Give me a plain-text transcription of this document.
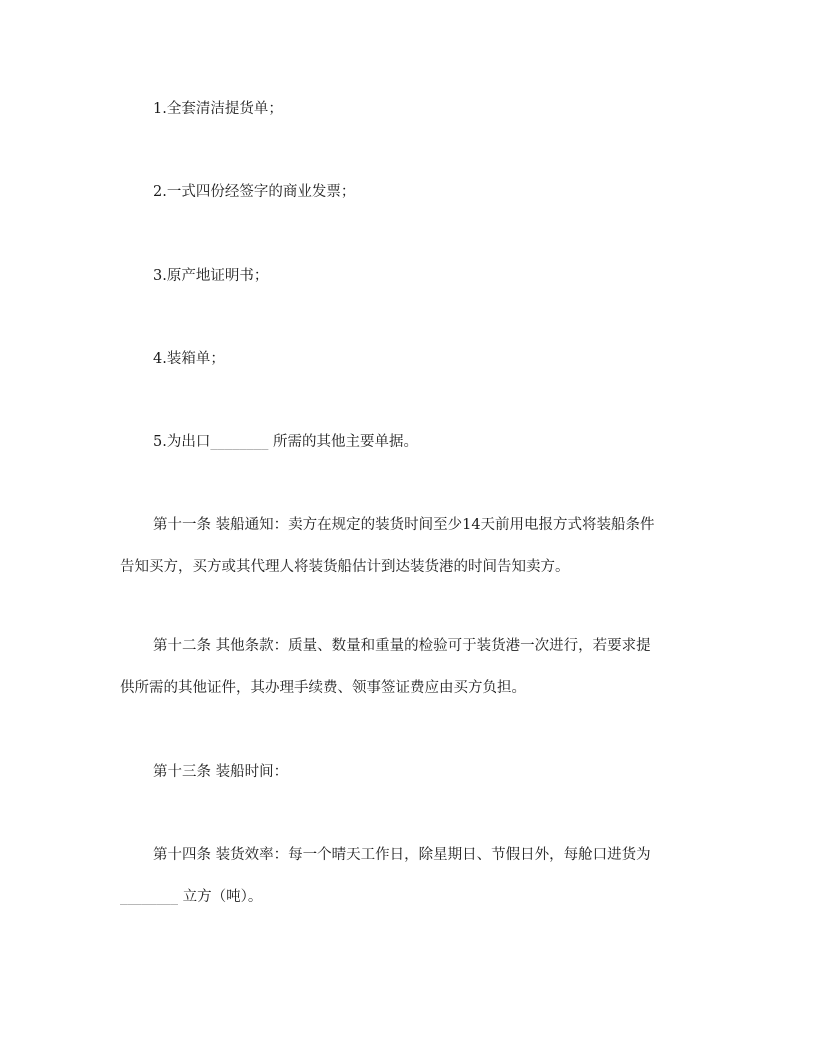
1.全套清洁提货单；
2.一式四份经签字的商业发票；
3.原产地证明书；
4.装箱单；
5.为出口________ 所需的其他主要单据。
第十一条 装船通知：卖方在规定的装货时间至少14天前用电报方式将装船条件
告知买方，买方或其代理人将装货船估计到达装货港的时间告知卖方。
第十二条 其他条款：质量、数量和重量的检验可于装货港一次进行，若要求提
供所需的其他证件，其办理手续费、领事签证费应由买方负担。
第十三条 装船时间：
第十四条 装货效率：每一个晴天工作日，除星期日、节假日外，每舱口进货为
________ 立方（吨）。
